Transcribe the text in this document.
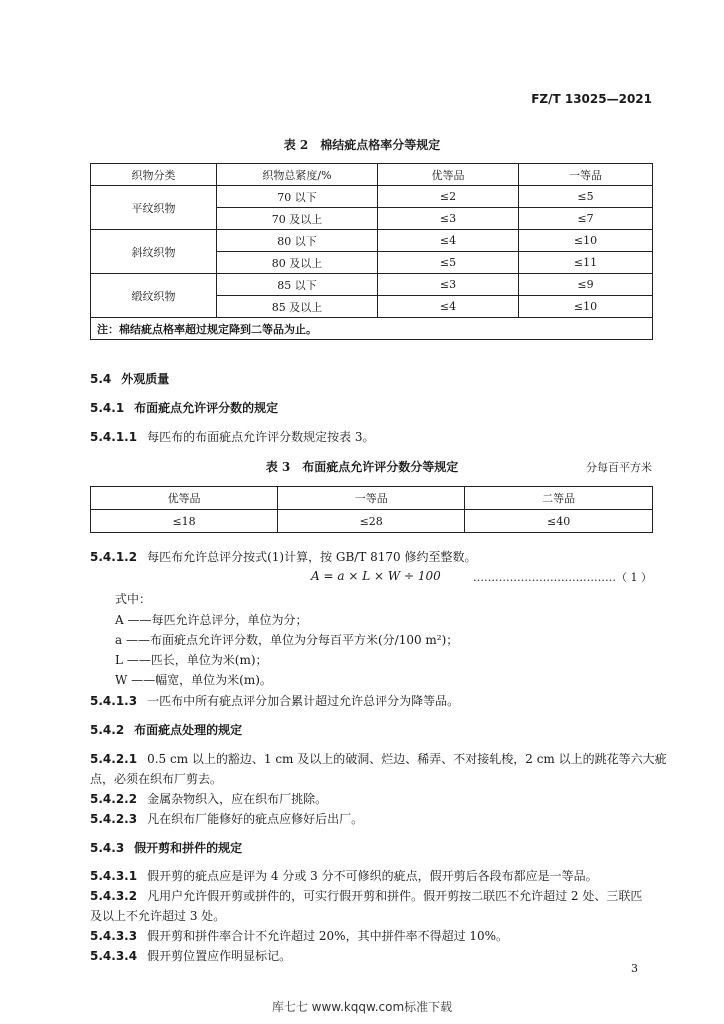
FZ/T 13025—2021
表 2　棉结疵点格率分等规定
织物分类	织物总紧度/%	优等品	一等品
平纹织物	70 以下	≤2	≤5
	70 及以上	≤3	≤7
斜纹织物	80 以下	≤4	≤10
	80 及以上	≤5	≤11
缎纹织物	85 以下	≤3	≤9
	85 及以上	≤4	≤10
注：棉结疵点格率超过规定降到二等品为止。			
5.4 外观质量
5.4.1 布面疵点允许评分数的规定
5.4.1.1 每匹布的布面疵点允许评分数规定按表 3。
表 3　布面疵点允许评分数分等规定	分每百平方米
优等品	一等品	二等品
≤18	≤28	≤40
5.4.1.2 每匹布允许总评分按式(1)计算，按 GB/T 8170 修约至整数。
A = a × L × W ÷ 100	…………………………………（ 1 ）
式中：
A ——每匹允许总评分，单位为分；
a ——布面疵点允许评分数，单位为分每百平方米(分/100 m²)；
L ——匹长，单位为米(m)；
W ——幅宽，单位为米(m)。
5.4.1.3 一匹布中所有疵点评分加合累计超过允许总评分为降等品。
5.4.2 布面疵点处理的规定
5.4.2.1 0.5 cm 以上的豁边、1 cm 及以上的破洞、烂边、稀弄、不对接轧梭，2 cm 以上的跳花等六大疵
点，必须在织布厂剪去。
5.4.2.2 金属杂物织入，应在织布厂挑除。
5.4.2.3 凡在织布厂能修好的疵点应修好后出厂。
5.4.3 假开剪和拼件的规定
5.4.3.1 假开剪的疵点应是评为 4 分或 3 分不可修织的疵点，假开剪后各段布都应是一等品。
5.4.3.2 凡用户允许假开剪或拼件的，可实行假开剪和拼件。假开剪按二联匹不允许超过 2 处、三联匹
及以上不允许超过 3 处。
5.4.3.3 假开剪和拼件率合计不允许超过 20%，其中拼件率不得超过 10%。
5.4.3.4 假开剪位置应作明显标记。
3
库七七 www.kqqw.com标准下载
